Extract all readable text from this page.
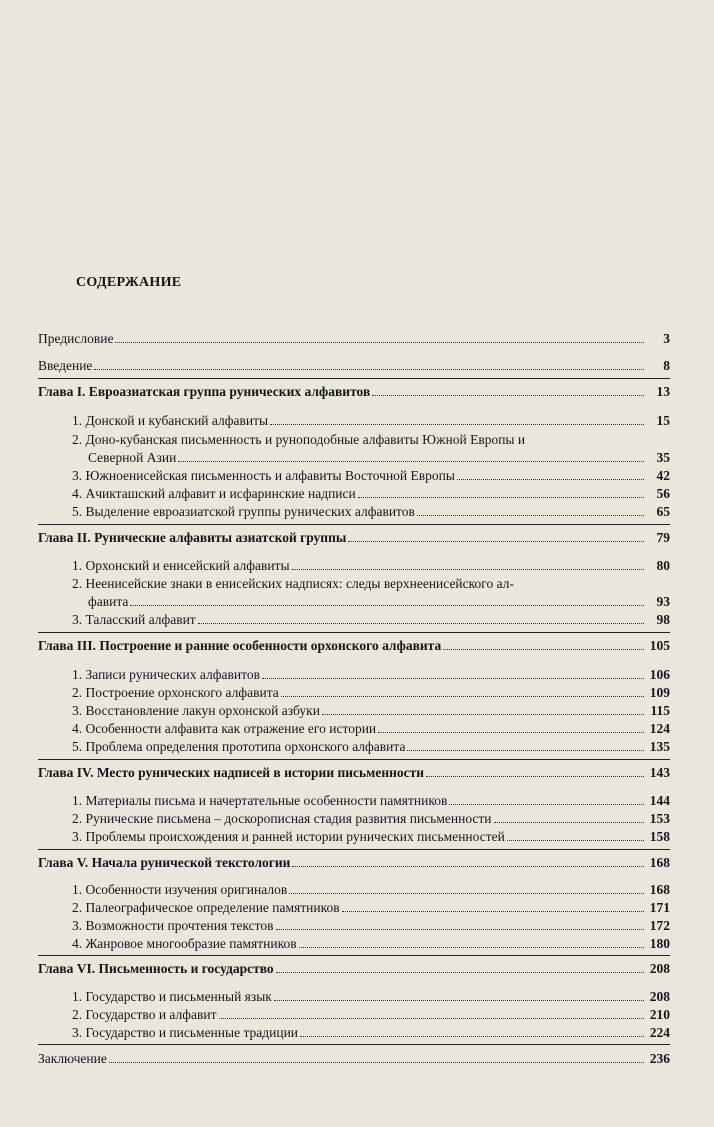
СОДЕРЖАНИЕ
Предисловие	3
Введение	8
Глава I. Евроазиатская группа рунических алфавитов	13
1. Донской и кубанский алфавиты	15
2. Доно-кубанская письменность и руноподобные алфавиты Южной Европы и
Северной Азии	35
3. Южноенисейская письменность и алфавиты Восточной Европы	42
4. Ачикташский алфавит и исфаринские надписи	56
5. Выделение евроазиатской группы рунических алфавитов	65
Глава II. Рунические алфавиты азиатской группы	79
1. Орхонский и енисейский алфавиты	80
2. Неенисейские знаки в енисейских надписях: следы верхнеенисейского ал-
фавита	93
3. Таласский алфавит	98
Глава III. Построение и ранние особенности орхонского алфавита	105
1. Записи рунических алфавитов	106
2. Построение орхонского алфавита	109
3. Восстановление лакун орхонской азбуки	115
4. Особенности алфавита как отражение его истории	124
5. Проблема определения прототипа орхонского алфавита	135
Глава IV. Место рунических надписей в истории письменности	143
1. Материалы письма и начертательные особенности памятников	144
2. Рунические письмена – доскорописная стадия развития письменности	153
3. Проблемы происхождения и ранней истории рунических письменностей	158
Глава V. Начала рунической текстологии	168
1. Особенности изучения оригиналов	168
2. Палеографическое определение памятников	171
3. Возможности прочтения текстов	172
4. Жанровое многообразие памятников	180
Глава VI. Письменность и государство	208
1. Государство и письменный язык	208
2. Государство и алфавит	210
3. Государство и письменные традиции	224
Заключение	236
